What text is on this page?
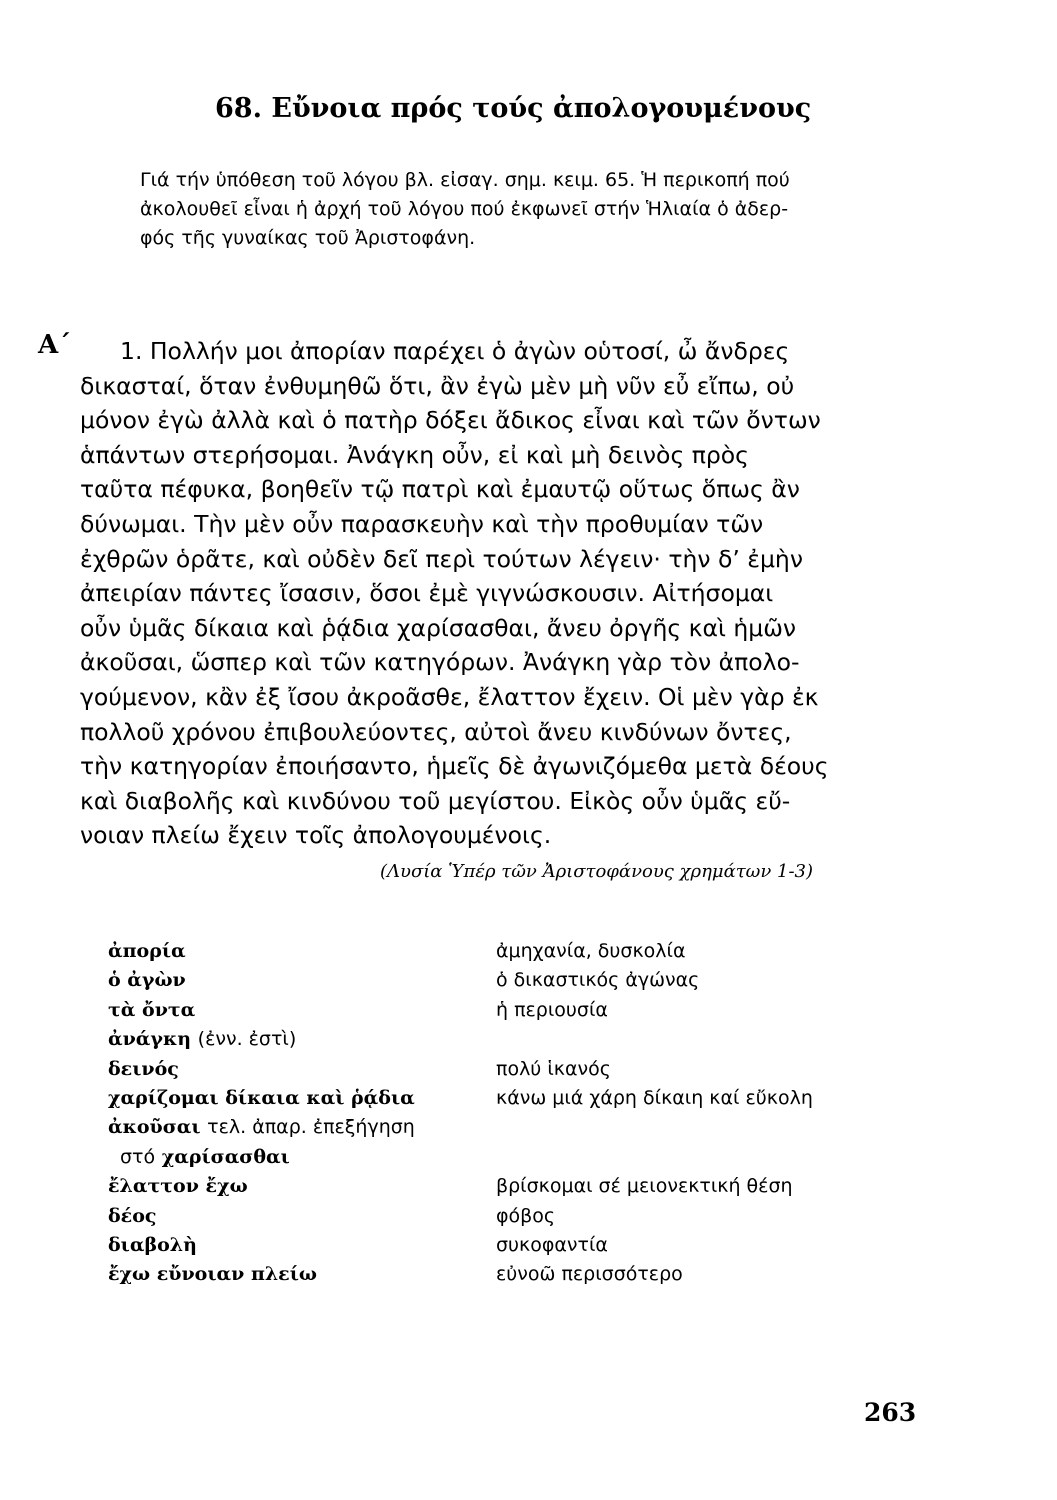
68. Εὔνοια πρός τούς ἀπολογουμένους
Γιά τήν ὑπόθεση τοῦ λόγου βλ. εἰσαγ. σημ. κειμ. 65. Ἡ περικοπή πού
ἀκολουθεῖ εἶναι ἡ ἀρχή τοῦ λόγου πού ἐκφωνεῖ στήν Ἡλιαία ὁ ἀδερ-
φός τῆς γυναίκας τοῦ Ἀριστοφάνη.
Α΄	1. Πολλήν μοι ἀπορίαν παρέχει ὁ ἀγὼν οὑτοσί, ὦ ἄνδρες
δικασταί, ὅταν ἐνθυμηθῶ ὅτι, ἂν ἐγὼ μὲν μὴ νῦν εὖ εἴπω, οὐ
μόνον ἐγὼ ἀλλὰ καὶ ὁ πατὴρ δόξει ἄδικος εἶναι καὶ τῶν ὄντων
ἁπάντων στερήσομαι. Ἀνάγκη οὖν, εἰ καὶ μὴ δεινὸς πρὸς
ταῦτα πέφυκα, βοηθεῖν τῷ πατρὶ καὶ ἐμαυτῷ οὕτως ὅπως ἂν
δύνωμαι. Τὴν μὲν οὖν παρασκευὴν καὶ τὴν προθυμίαν τῶν
ἐχθρῶν ὁρᾶτε, καὶ οὐδὲν δεῖ περὶ τούτων λέγειν· τὴν δ’ ἐμὴν
ἀπειρίαν πάντες ἴσασιν, ὅσοι ἐμὲ γιγνώσκουσιν. Αἰτήσομαι
οὖν ὑμᾶς δίκαια καὶ ῥᾴδια χαρίσασθαι, ἄνευ ὀργῆς καὶ ἡμῶν
ἀκοῦσαι, ὥσπερ καὶ τῶν κατηγόρων. Ἀνάγκη γὰρ τὸν ἀπολο-
γούμενον, κἂν ἐξ ἴσου ἀκροᾶσθε, ἔλαττον ἔχειν. Οἱ μὲν γὰρ ἐκ
πολλοῦ χρόνου ἐπιβουλεύοντες, αὐτοὶ ἄνευ κινδύνων ὄντες,
τὴν κατηγορίαν ἐποιήσαντο, ἡμεῖς δὲ ἀγωνιζόμεθα μετὰ δέους
καὶ διαβολῆς καὶ κινδύνου τοῦ μεγίστου. Εἰκὸς οὖν ὑμᾶς εὔ-
νοιαν πλείω ἔχειν τοῖς ἀπολογουμένοις.
(Λυσία Ὑπέρ τῶν Ἀριστοφάνους χρημάτων 1-3)
ἀπορία	ἀμηχανία, δυσκολία
ὁ ἀγὼν	ὁ δικαστικός ἀγώνας
τὰ ὄντα	ἡ περιουσία
ἀνάγκη (ἐνν. ἐστὶ)
δεινός	πολύ ἱκανός
χαρίζομαι δίκαια καὶ ῥᾴδια	κάνω μιά χάρη δίκαιη καί εὔκολη
ἀκοῦσαι τελ. ἀπαρ. ἐπεξήγηση
στό χαρίσασθαι
ἔλαττον ἔχω	βρίσκομαι σέ μειονεκτική θέση
δέος	φόβος
διαβολὴ	συκοφαντία
ἔχω εὔνοιαν πλείω	εὐνοῶ περισσότερο
263
